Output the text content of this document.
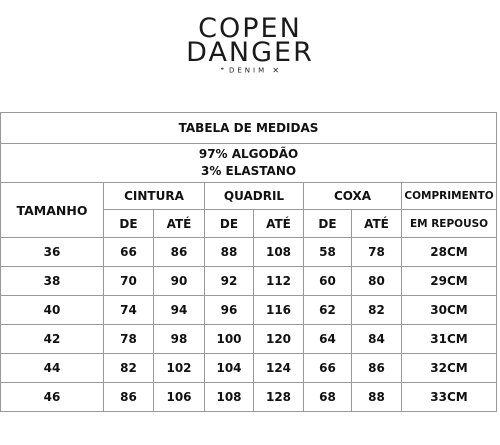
COPEN
DANGER
𝄌 DENIM ✕
TABELA DE MEDIDAS							

97% ALGODÃO
3% ELASTANO							

TAMANHO	CINTURA		QUADRIL		COXA		COMPRIMENTO
	DE	ATÉ	DE	ATÉ	DE	ATÉ	EM REPOUSO
36	66	86	88	108	58	78	28CM
38	70	90	92	112	60	80	29CM
40	74	94	96	116	62	82	30CM
42	78	98	100	120	64	84	31CM
44	82	102	104	124	66	86	32CM
46	86	106	108	128	68	88	33CM
